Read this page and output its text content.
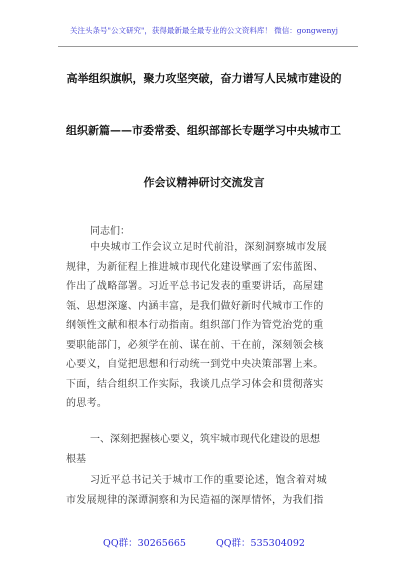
关注头条号"公文研究"，获得最新最全最专业的公文资料库！ 微信：gongwenyj
高举组织旗帜，聚力攻坚突破，奋力谱写人民城市建设的
组织新篇——市委常委、组织部部长专题学习中央城市工
作会议精神研讨交流发言
同志们：
中央城市工作会议立足时代前沿，深刻洞察城市发展
规律，为新征程上推进城市现代化建设擘画了宏伟蓝图、
作出了战略部署。习近平总书记发表的重要讲话，高屋建
瓴、思想深邃、内涵丰富，是我们做好新时代城市工作的
纲领性文献和根本行动指南。组织部门作为管党治党的重
要职能部门，必须学在前、谋在前、干在前，深刻领会核
心要义，自觉把思想和行动统一到党中央决策部署上来。
下面，结合组织工作实际，我谈几点学习体会和贯彻落实
的思考。
一、深刻把握核心要义，筑牢城市现代化建设的思想
根基
习近平总书记关于城市工作的重要论述，饱含着对城
市发展规律的深谭洞察和为民造福的深厚情怀，为我们指
QQ群：30265665	QQ群：535304092
